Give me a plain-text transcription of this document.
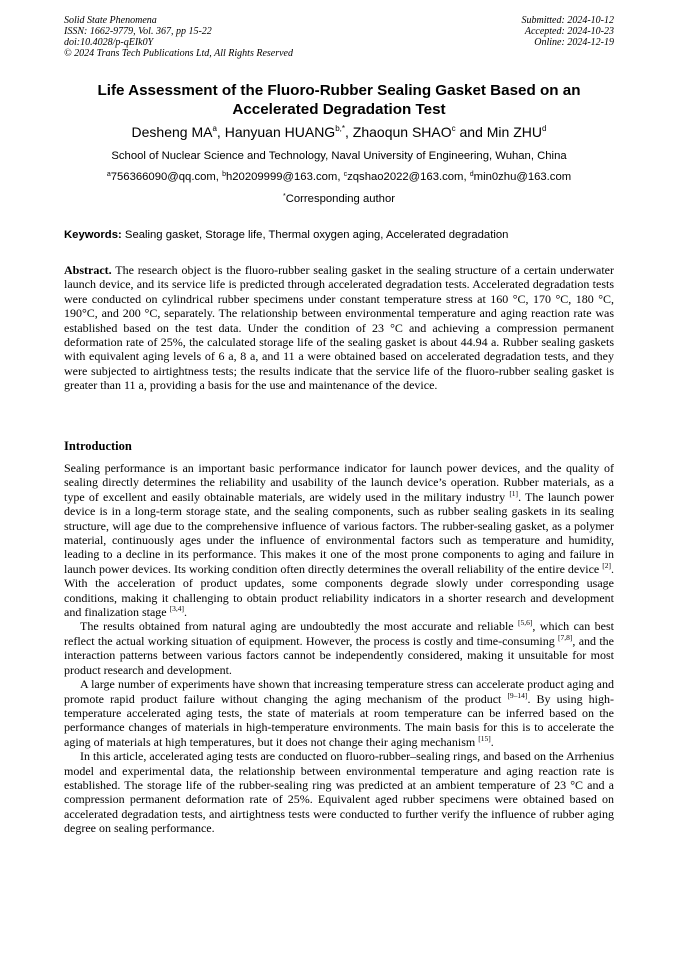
Solid State Phenomena
ISSN: 1662-9779, Vol. 367, pp 15-22
doi:10.4028/p-qEIk0Y
© 2024 Trans Tech Publications Ltd, All Rights Reserved
Submitted: 2024-10-12
Accepted: 2024-10-23
Online: 2024-12-19
Life Assessment of the Fluoro-Rubber Sealing Gasket Based on an
Accelerated Degradation Test
Desheng $MA^a$, Hanyuan $HUANG^{b,*}$, Zhaoqun SHAO$^c$ and Min ZHU$^d$
School of Nuclear Science and Technology, Naval University of Engineering, Wuhan, China
$^a$756366090@qq.com, $^b$h20209999@163.com, $^c$zqshao2022@163.com, $^d$min0zhu@163.com
*Corresponding author
Keywords: Sealing gasket, Storage life, Thermal oxygen aging, Accelerated degradation
Abstract. The research object is the fluoro-rubber sealing gasket in the sealing structure of a certain underwater launch device, and its service life is predicted through accelerated degradation tests. Accelerated degradation tests were conducted on cylindrical rubber specimens under constant temperature stress at 160 °C, 170 °C, 180 °C, 190°C, and 200 °C, separately. The relationship between environmental temperature and aging reaction rate was established based on the test data. Under the condition of 23 °C and achieving a compression permanent deformation rate of 25%, the calculated storage life of the sealing gasket is about 44.94 a. Rubber sealing gaskets with equivalent aging levels of 6 a, 8 a, and 11 a were obtained based on accelerated degradation tests, and they were subjected to airtightness tests; the results indicate that the service life of the fluoro-rubber sealing gasket is greater than 11 a, providing a basis for the use and maintenance of the device.
Introduction

Sealing performance is an important basic performance indicator for launch power devices, and the quality of sealing directly determines the reliability and usability of the launch device’s operation. Rubber materials, as a type of excellent and easily obtainable materials, are widely used in the military industry [1]. The launch power device is in a long-term storage state, and the sealing components, such as rubber sealing gaskets in its sealing structure, will age due to the comprehensive influence of various factors. The rubber-sealing gasket, as a polymer material, continuously ages under the influence of environmental factors such as temperature and humidity, leading to a decline in its performance. This makes it one of the most prone components to aging and failure in launch power devices. Its working condition often directly determines the overall reliability of the entire device [2]. With the acceleration of product updates, some components degrade slowly under corresponding usage conditions, making it challenging to obtain product reliability indicators in a shorter research and development and finalization stage [3,4].

The results obtained from natural aging are undoubtedly the most accurate and reliable [5,6], which can best reflect the actual working situation of equipment. However, the process is costly and time-consuming [7,8], and the interaction patterns between various factors cannot be independently considered, making it unsuitable for most product research and development.

A large number of experiments have shown that increasing temperature stress can accelerate product aging and promote rapid product failure without changing the aging mechanism of the product [9–14]. By using high-temperature accelerated aging tests, the state of materials at room temperature can be inferred based on the performance changes of materials in high-temperature environments. The main basis for this is to accelerate the aging of materials at high temperatures, but it does not change their aging mechanism [15].

In this article, accelerated aging tests are conducted on fluoro-rubber–sealing rings, and based on the Arrhenius model and experimental data, the relationship between environmental temperature and aging reaction rate is established. The storage life of the rubber-sealing ring was predicted at an ambient temperature of 23 °C and a compression permanent deformation rate of 25%. Equivalent aged rubber specimens were obtained based on accelerated degradation tests, and airtightness tests were conducted to further verify the influence of rubber aging degree on sealing performance.
